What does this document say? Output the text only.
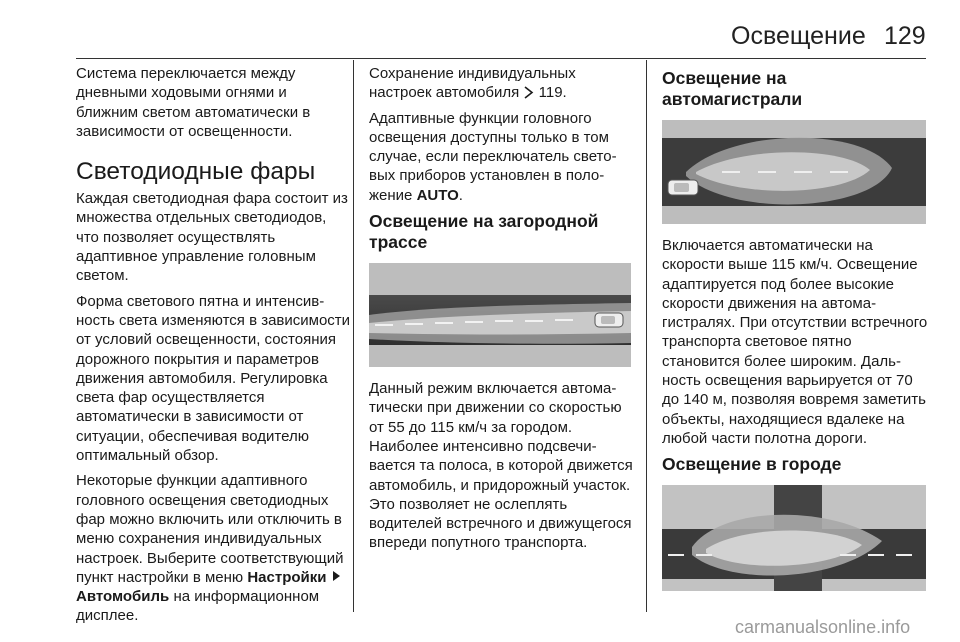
Освещение 129

Система переключается между дневными ходовыми огнями и ближним светом автоматически в зависимости от освещенности.

Светодиодные фары

Каждая светодиодная фара состоит из множества отдельных светодиодов, что позволяет осуществлять адаптивное управление головным светом.

Форма светового пятна и интенсивность света изменяются в зависимости от условий освещенности, состояния дорожного покрытия и параметров движения автомобиля. Регулировка света фар осуществляется автоматически в зависимости от ситуации, обеспечивая водителю оптимальный обзор.

Некоторые функции адаптивного головного освещения светодиодных фар можно включить или отключить в меню сохранения индивидуальных настроек. Выберите соответствующий пункт настройки в меню Настройки
Автомобиль на информационном дисплее.

Сохранение индивидуальных настроек автомобиля  119.

Адаптивные функции головного освещения доступны только в том случае, если переключатель световых приборов установлен в положение AUTO.

Освещение на загородной трассе

Данный режим включается автоматически при движении со скоростью от 55 до 115 км/ч за городом. Наиболее интенсивно подсвечивается та полоса, в которой движется автомобиль, и придорожный участок. Это позволяет не ослеплять водителей встречного и движущегося впереди попутного транспорта.

Освещение на автомагистрали

Включается автоматически на скорости выше 115 км/ч. Освещение адаптируется под более высокие скорости движения на автомагистралях. При отсутствии встречного транспорта световое пятно становится более широким. Дальность освещения варьируется от 70 до 140 м, позволяя вовремя заметить объекты, находящиеся вдалеке на любой части полотна дороги.

Освещение в городе
carmanualsonline.info
